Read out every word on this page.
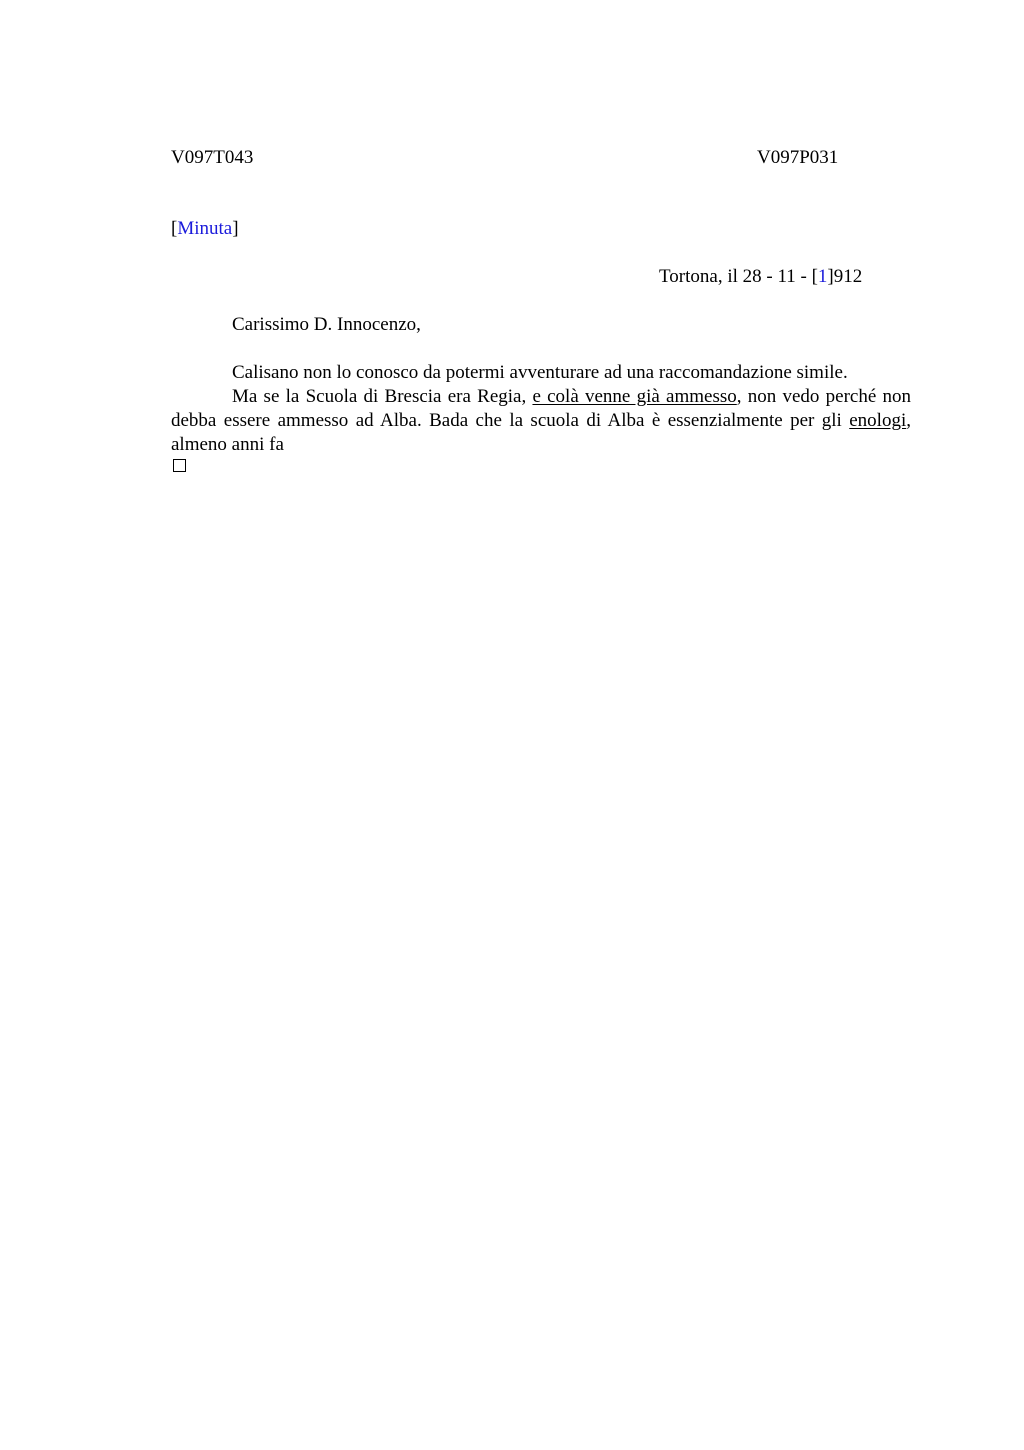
V097T043	V097P031
[Minuta]
Tortona, il 28 - 11 - [1]912
Carissimo D. Innocenzo,
Calisano non lo conosco da potermi avventurare ad una raccomandazione simile.
Ma se la Scuola di Brescia era Regia, e colà venne già ammesso, non vedo perché non debba essere ammesso ad Alba. Bada che la scuola di Alba è essenzialmente per gli enologi, almeno anni fa
